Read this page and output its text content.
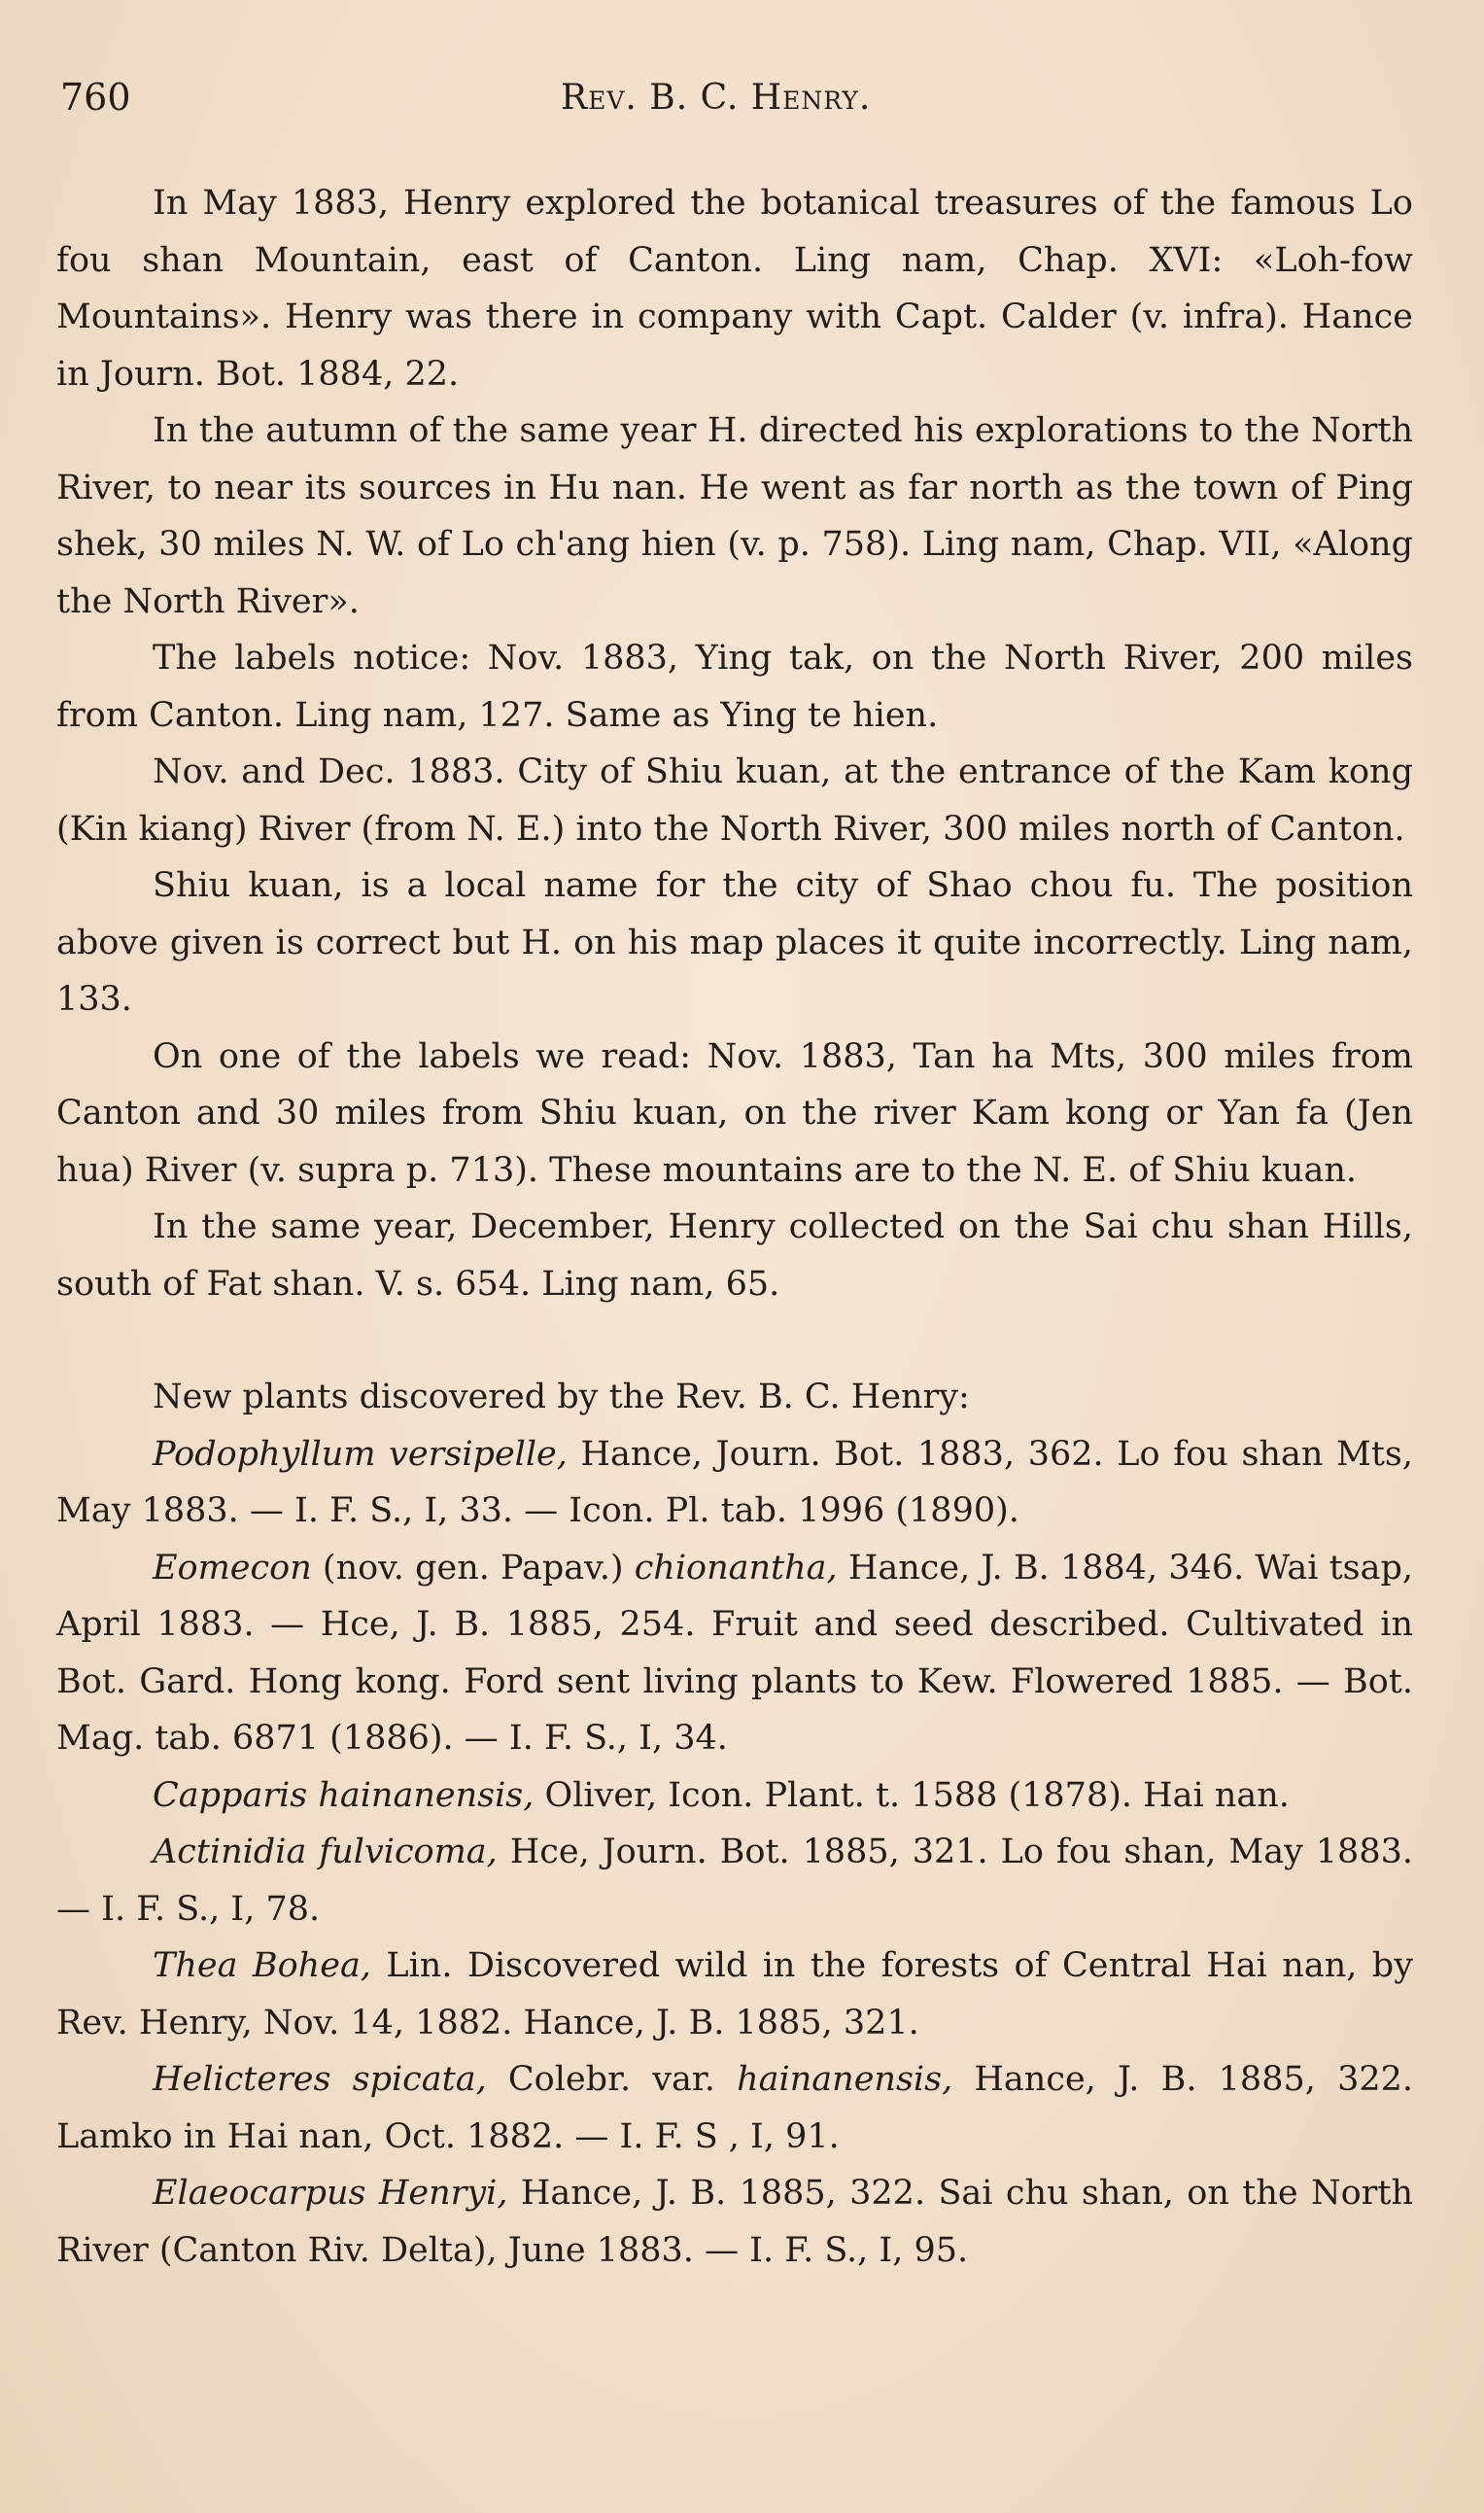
760	Rev. B. C. Henry.

In May 1883, Henry explored the botanical treasures of the famous Lo fou shan Mountain, east of Canton. Ling nam, Chap. XVI: «Loh-fow Mountains». Henry was there in company with Capt. Calder (v. infra). Hance in Journ. Bot. 1884, 22.

In the autumn of the same year H. directed his explorations to the North River, to near its sources in Hu nan. He went as far north as the town of Ping shek, 30 miles N. W. of Lo ch'ang hien (v. p. 758). Ling nam, Chap. VII, «Along the North River».

The labels notice: Nov. 1883, Ying tak, on the North River, 200 miles from Canton. Ling nam, 127. Same as Ying te hien.

Nov. and Dec. 1883. City of Shiu kuan, at the entrance of the Kam kong (Kin kiang) River (from N. E.) into the North River, 300 miles north of Canton.

Shiu kuan, is a local name for the city of Shao chou fu. The position above given is correct but H. on his map places it quite incorrectly. Ling nam, 133.

On one of the labels we read: Nov. 1883, Tan ha Mts, 300 miles from Canton and 30 miles from Shiu kuan, on the river Kam kong or Yan fa (Jen hua) River (v. supra p. 713). These mountains are to the N. E. of Shiu kuan.

In the same year, December, Henry collected on the Sai chu shan Hills, south of Fat shan. V. s. 654. Ling nam, 65.

New plants discovered by the Rev. B. C. Henry:

Podophyllum versipelle, Hance, Journ. Bot. 1883, 362. Lo fou shan Mts, May 1883. — I. F. S., I, 33. — Icon. Pl. tab. 1996 (1890).

Eomecon (nov. gen. Papav.) chionantha, Hance, J. B. 1884, 346. Wai tsap, April 1883. — Hce, J. B. 1885, 254. Fruit and seed described. Cultivated in Bot. Gard. Hong kong. Ford sent living plants to Kew. Flowered 1885. — Bot. Mag. tab. 6871 (1886). — I. F. S., I, 34.

Capparis hainanensis, Oliver, Icon. Plant. t. 1588 (1878). Hai nan.

Actinidia fulvicoma, Hce, Journ. Bot. 1885, 321. Lo fou shan, May 1883. — I. F. S., I, 78.

Thea Bohea, Lin. Discovered wild in the forests of Central Hai nan, by Rev. Henry, Nov. 14, 1882. Hance, J. B. 1885, 321.

Helicteres spicata, Colebr. var. hainanensis, Hance, J. B. 1885, 322. Lamko in Hai nan, Oct. 1882. — I. F. S , I, 91.

Elaeocarpus Henryi, Hance, J. B. 1885, 322. Sai chu shan, on the North River (Canton Riv. Delta), June 1883. — I. F. S., I, 95.
